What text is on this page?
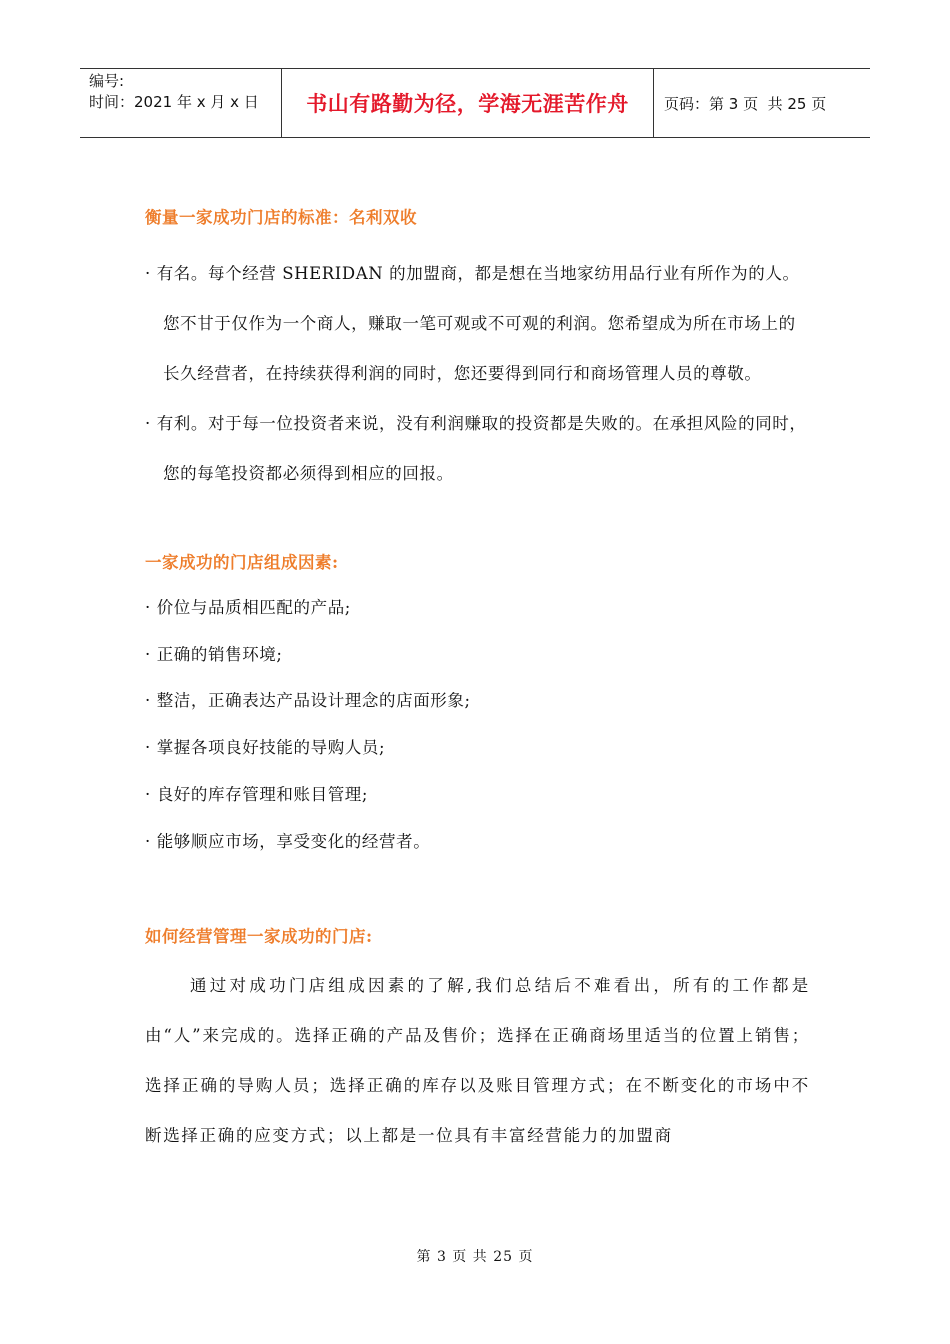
编号:
时间：2021 年 x 月 x 日	书山有路勤为径，学海无涯苦作舟	页码：第 3 页  共 25 页
衡量一家成功门店的标准：名利双收

· 有名。每个经营 SHERIDAN 的加盟商，都是想在当地家纺用品行业有所作为的人。您不甘于仅作为一个商人，赚取一笔可观或不可观的利润。您希望成为所在市场上的长久经营者，在持续获得利润的同时，您还要得到同行和商场管理人员的尊敬。

· 有利。对于每一位投资者来说，没有利润赚取的投资都是失败的。在承担风险的同时，您的每笔投资都必须得到相应的回报。

一家成功的门店组成因素:

· 价位与品质相匹配的产品;

· 正确的销售环境;

· 整洁，正确表达产品设计理念的店面形象;

· 掌握各项良好技能的导购人员;

· 良好的库存管理和账目管理;

· 能够顺应市场，享受变化的经营者。

如何经营管理一家成功的门店:

通过对成功门店组成因素的了解,我们总结后不难看出，所有的工作都是由“人”来完成的。选择正确的产品及售价；选择在正确商场里适当的位置上销售；选择正确的导购人员；选择正确的库存以及账目管理方式；在不断变化的市场中不断选择正确的应变方式；以上都是一位具有丰富经营能力的加盟商

第 3 页 共 25 页
